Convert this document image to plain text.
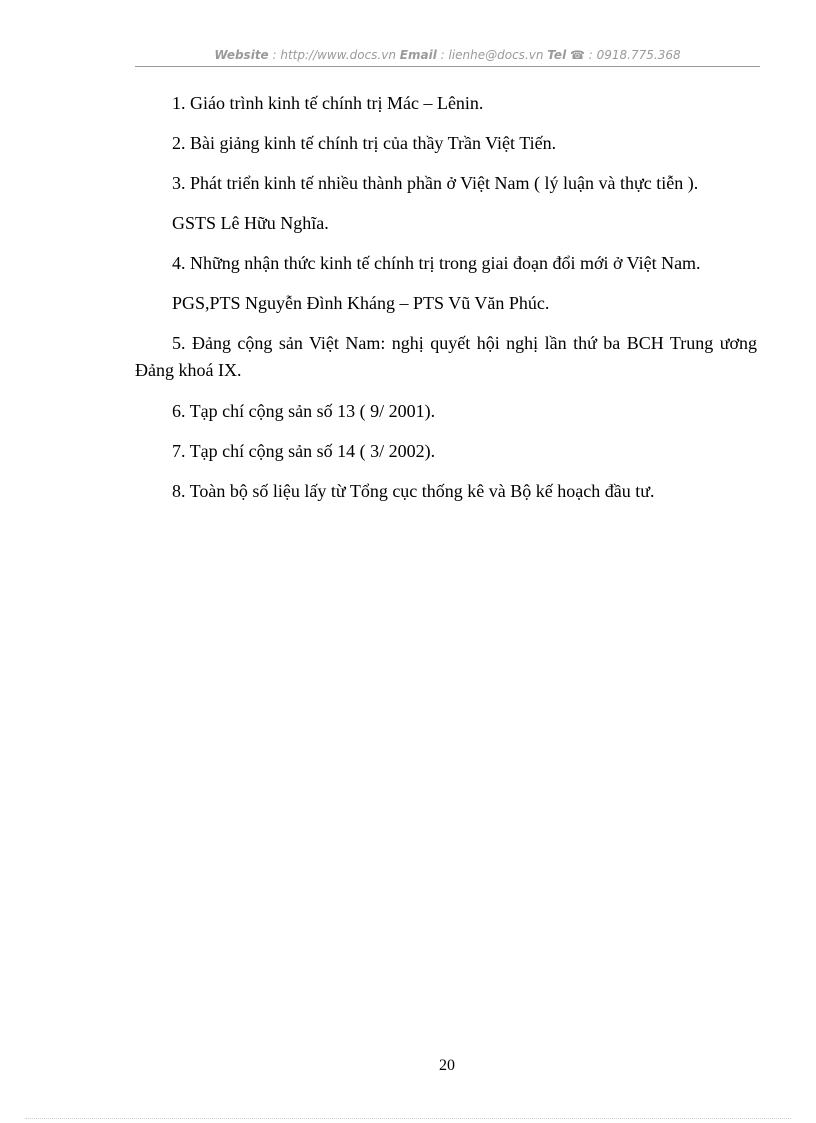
Website : http://www.docs.vn Email : lienhe@docs.vn Tel ☎ : 0918.775.368

1. Giáo trình kinh tế chính trị Mác – Lênin.

2. Bài giảng kinh tế chính trị của thầy Trần Việt Tiến.

3. Phát triển kinh tế nhiều thành phần ở Việt Nam ( lý luận và thực tiễn ).

GSTS Lê Hữu Nghĩa.

4. Những nhận thức kinh tế chính trị trong giai đoạn đổi mới ở Việt Nam.

PGS,PTS Nguyễn Đình Kháng – PTS Vũ Văn Phúc.

5. Đảng cộng sản Việt Nam: nghị quyết hội nghị lần thứ ba BCH Trung ương Đảng khoá IX.

6. Tạp chí cộng sản số 13 ( 9/ 2001).

7. Tạp chí cộng sản số 14 ( 3/ 2002).

8. Toàn bộ số liệu lấy từ Tổng cục thống kê và Bộ kế hoạch đầu tư.

20
